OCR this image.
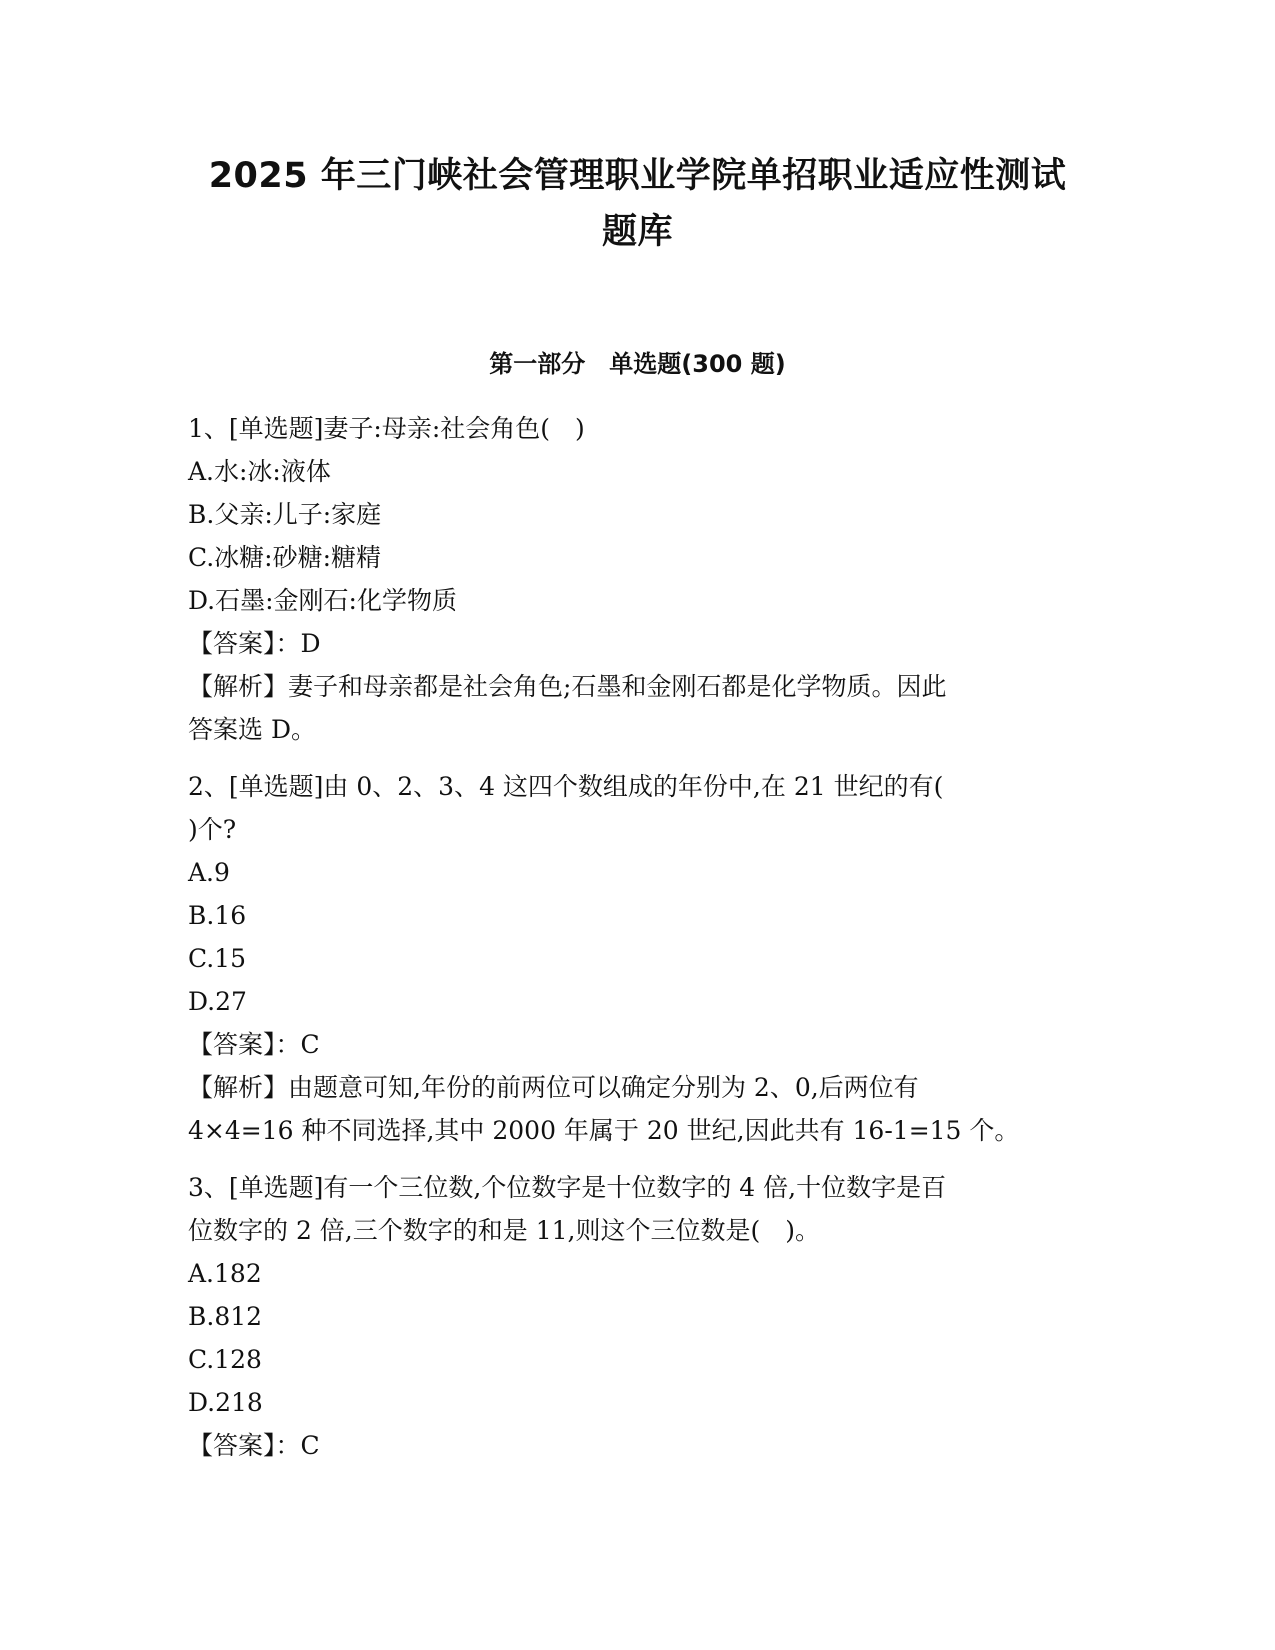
2025 年三门峡社会管理职业学院单招职业适应性测试
题库
第一部分　单选题(300 题)
1、[单选题]妻子:母亲:社会角色(　)
A.水:冰:液体
B.父亲:儿子:家庭
C.冰糖:砂糖:糖精
D.石墨:金刚石:化学物质
【答案】：D
【解析】妻子和母亲都是社会角色;石墨和金刚石都是化学物质。因此
答案选 D。
2、[单选题]由 0、2、3、4 这四个数组成的年份中,在 21 世纪的有(
)个?
A.9
B.16
C.15
D.27
【答案】：C
【解析】由题意可知,年份的前两位可以确定分别为 2、0,后两位有
4×4=16 种不同选择,其中 2000 年属于 20 世纪,因此共有 16-1=15 个。
3、[单选题]有一个三位数,个位数字是十位数字的 4 倍,十位数字是百
位数字的 2 倍,三个数字的和是 11,则这个三位数是(　)。
A.182
B.812
C.128
D.218
【答案】：C
